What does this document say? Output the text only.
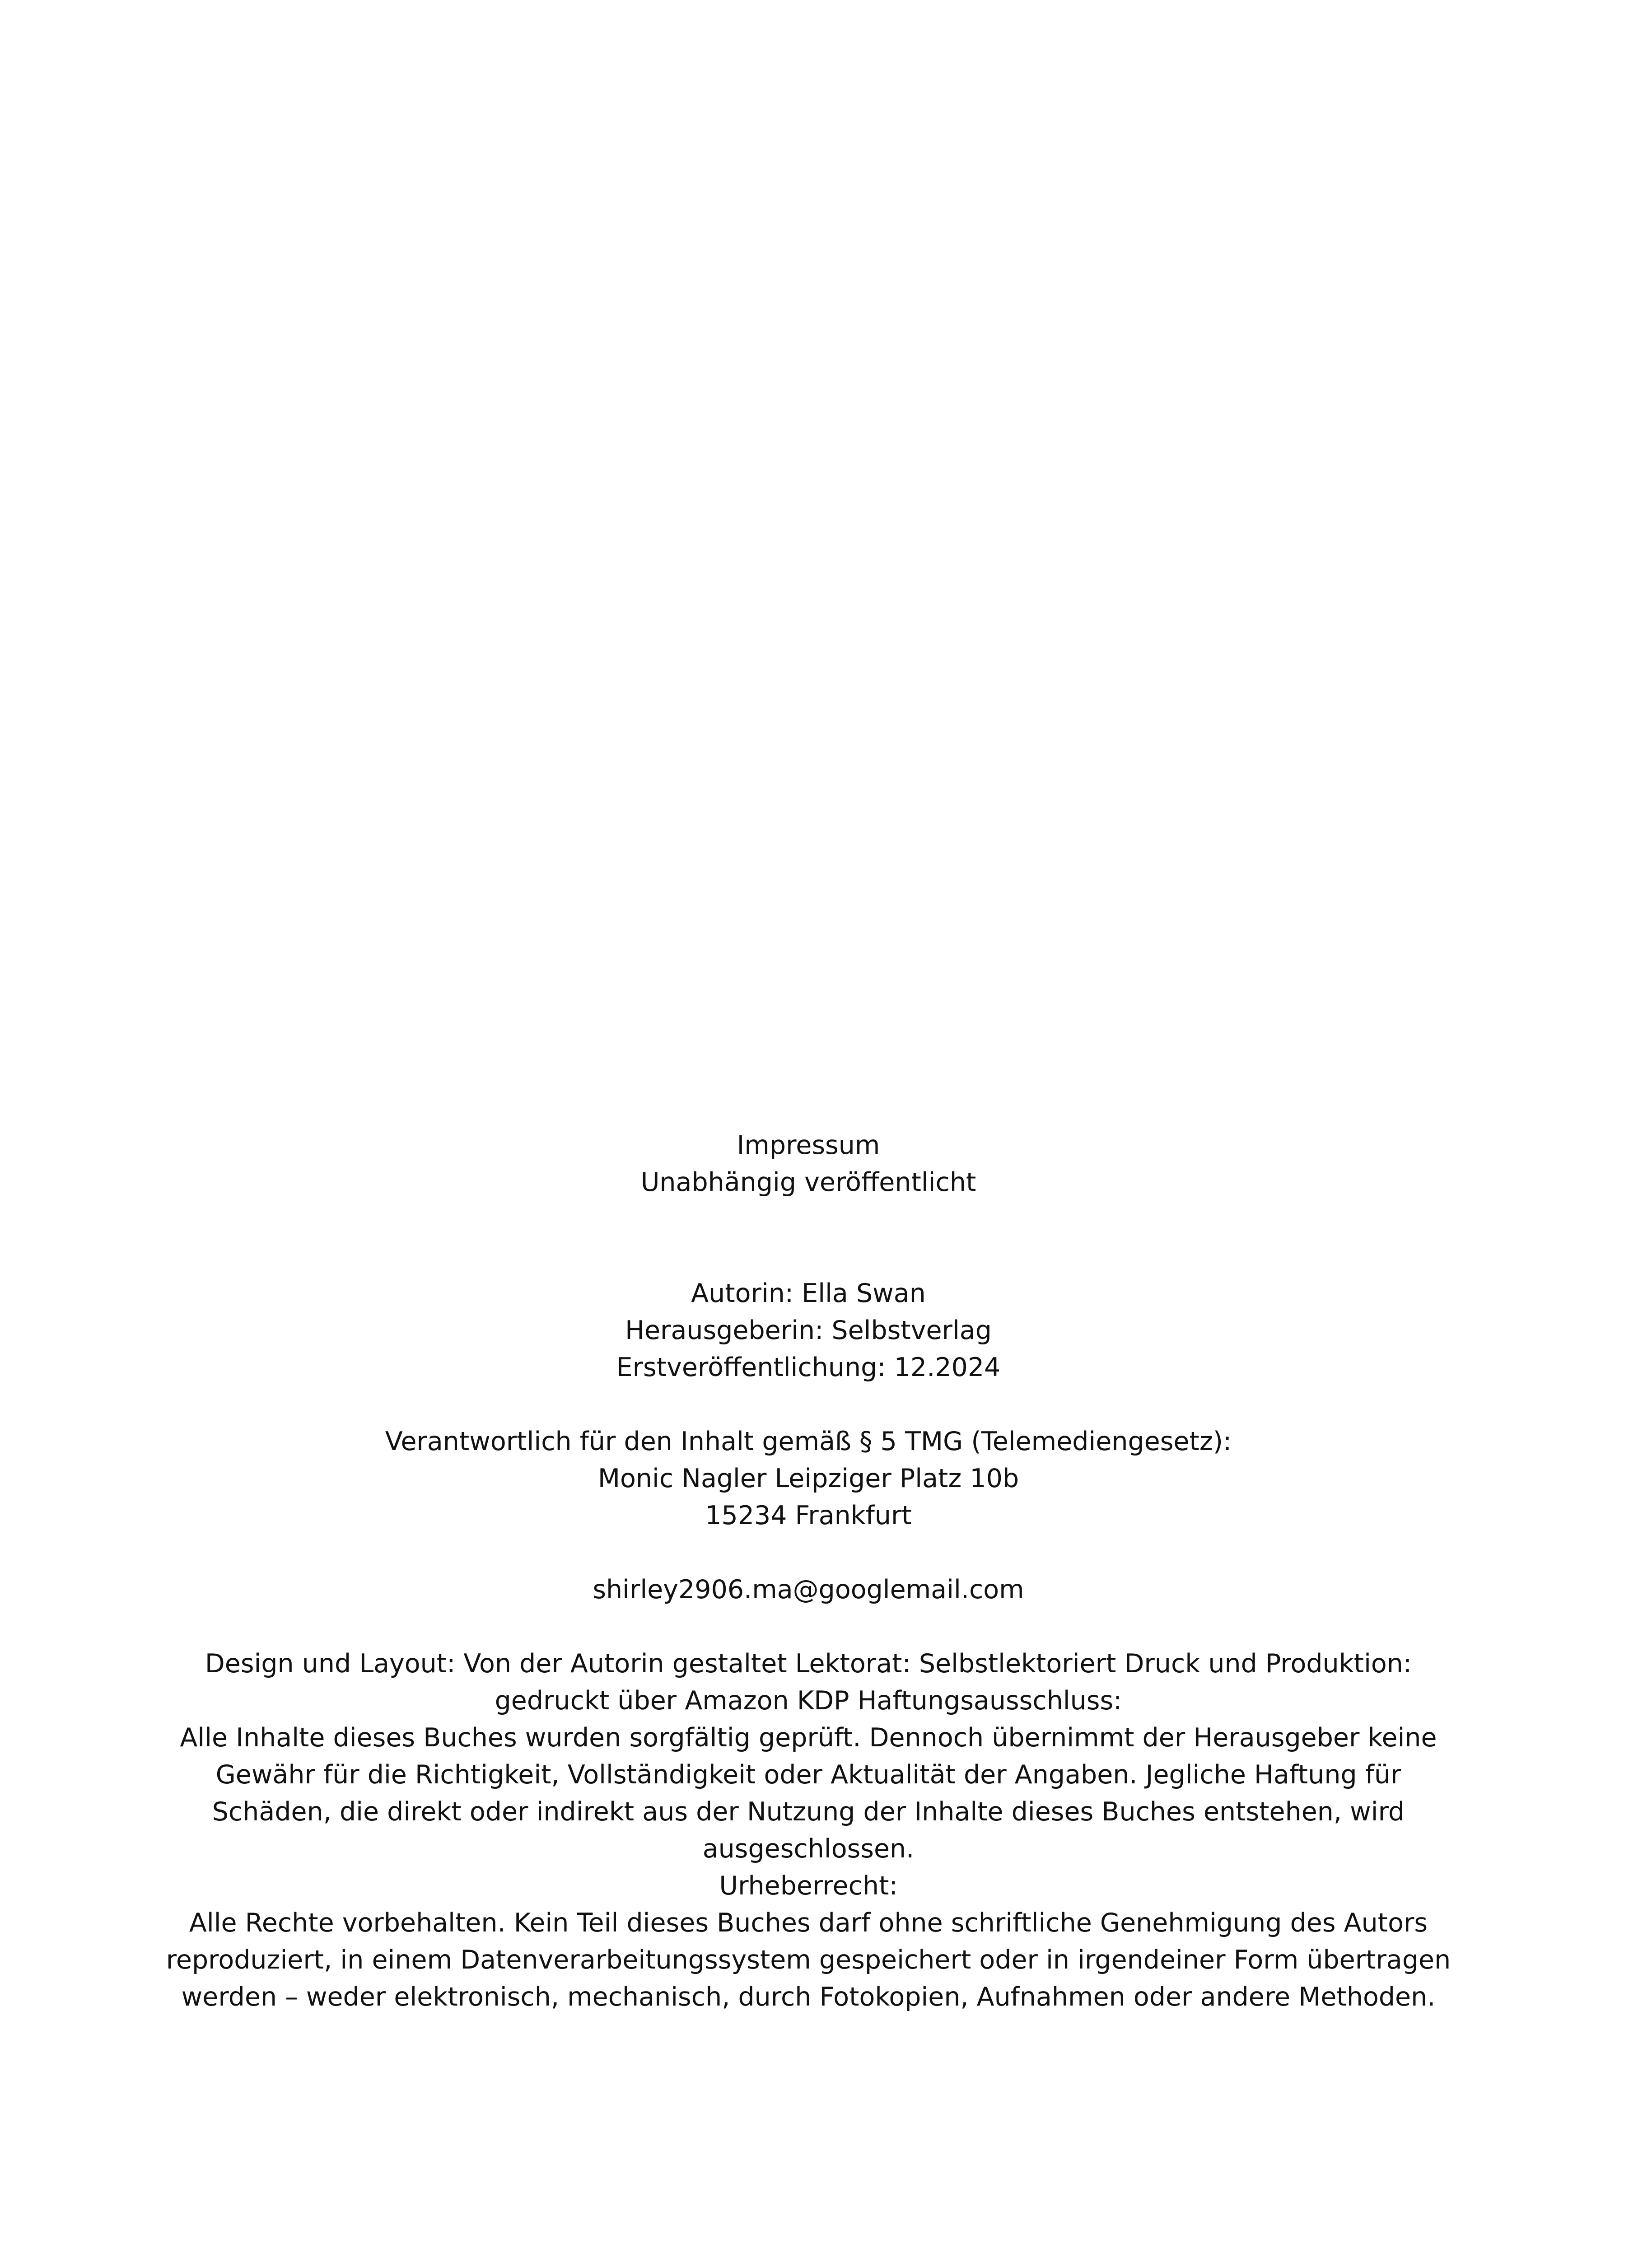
Impressum
Unabhängig veröffentlicht
Autorin: Ella Swan
Herausgeberin: Selbstverlag
Erstveröffentlichung: 12.2024
Verantwortlich für den Inhalt gemäß § 5 TMG (Telemediengesetz):
Monic Nagler Leipziger Platz 10b
15234 Frankfurt
shirley2906.ma@googlemail.com
Design und Layout: Von der Autorin gestaltet Lektorat: Selbstlektoriert Druck und Produktion:
gedruckt über Amazon KDP Haftungsausschluss:
Alle Inhalte dieses Buches wurden sorgfältig geprüft. Dennoch übernimmt der Herausgeber keine Gewähr für die Richtigkeit, Vollständigkeit oder Aktualität der Angaben. Jegliche Haftung für Schäden, die direkt oder indirekt aus der Nutzung der Inhalte dieses Buches entstehen, wird ausgeschlossen.
Urheberrecht:
Alle Rechte vorbehalten. Kein Teil dieses Buches darf ohne schriftliche Genehmigung des Autors reproduziert, in einem Datenverarbeitungssystem gespeichert oder in irgendeiner Form übertragen werden – weder elektronisch, mechanisch, durch Fotokopien, Aufnahmen oder andere Methoden.
